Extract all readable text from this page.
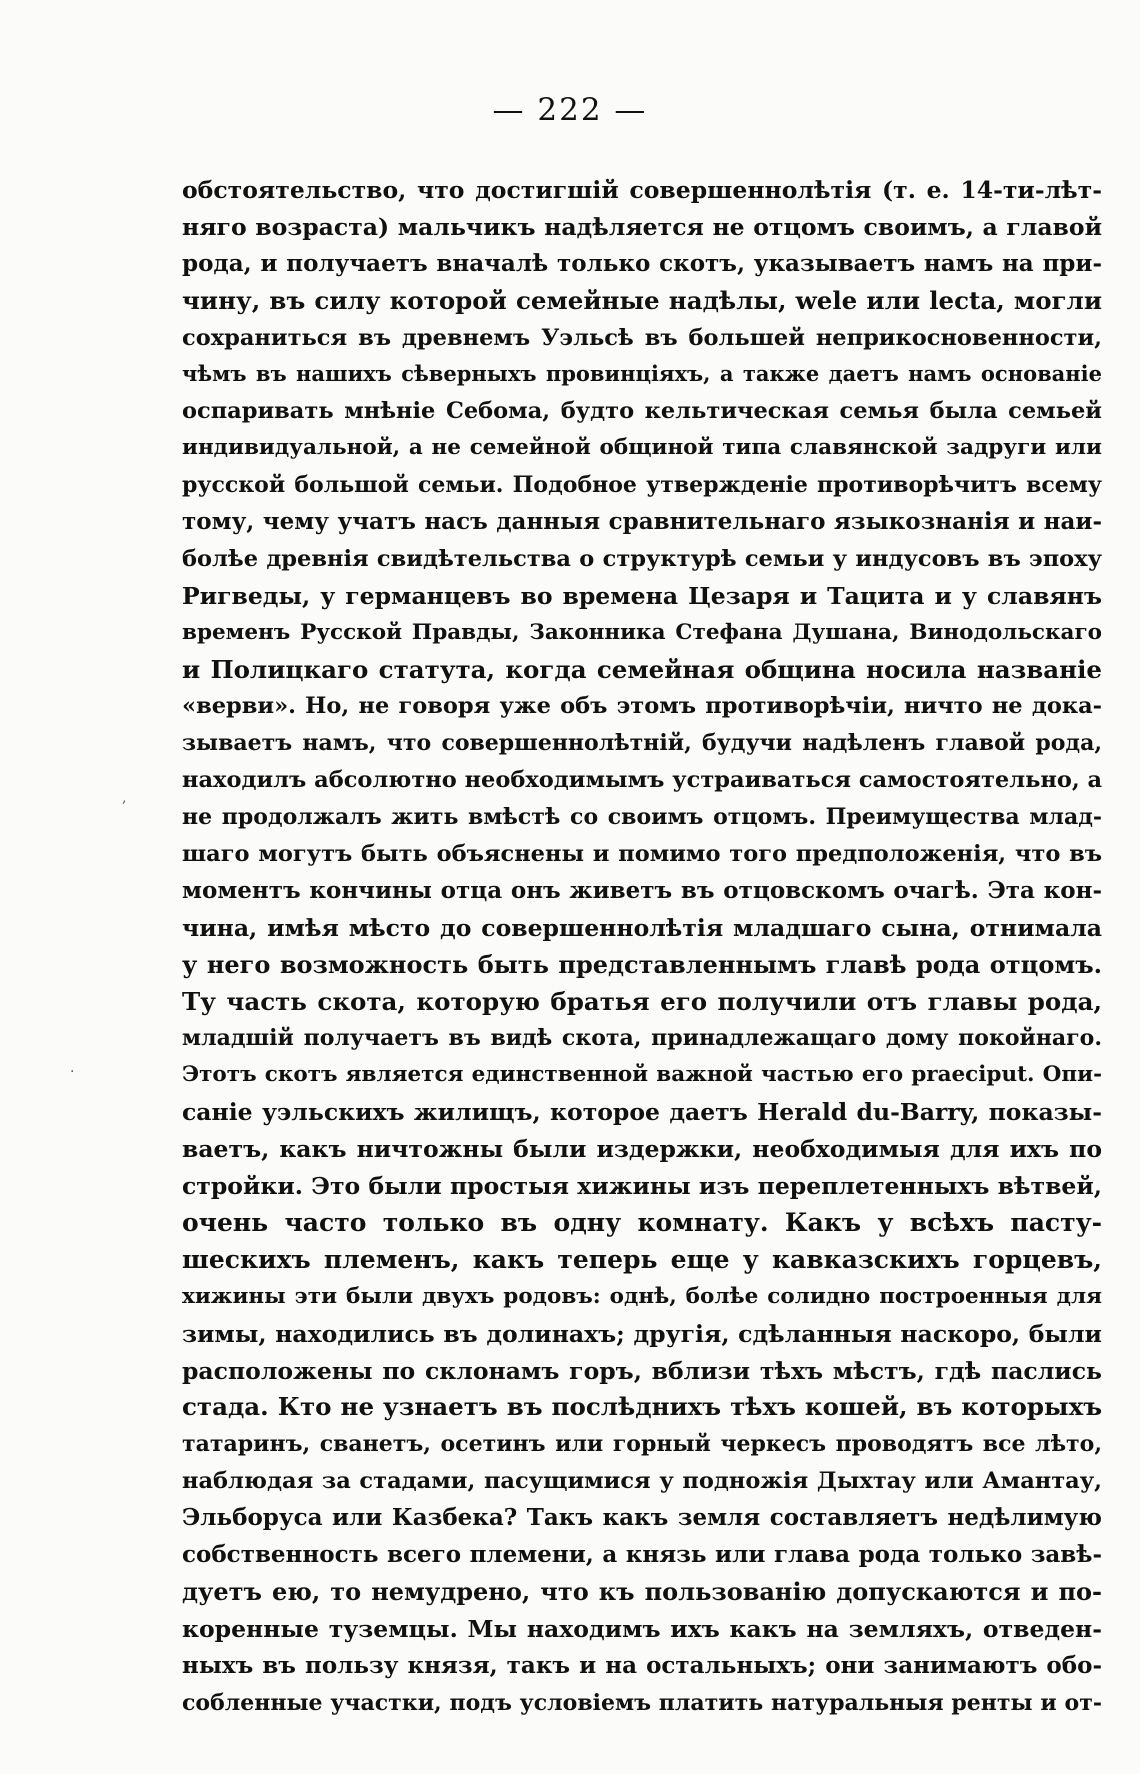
— 222 —
обстоятельство, что достигшій совершеннолѣтія (т. е. 14-ти-лѣт-
няго возраста) мальчикъ надѣляется не отцомъ своимъ, а главой
рода, и получаетъ вначалѣ только скотъ, указываетъ намъ на при-
чину, въ силу которой семейные надѣлы, wele или lecta, могли
сохраниться въ древнемъ Уэльсѣ въ большей неприкосновенности,
чѣмъ въ нашихъ сѣверныхъ провинціяхъ, а также даетъ намъ основаніе
оспаривать мнѣніе Себома, будто кельтическая семья была семьей
индивидуальной, а не семейной общиной типа славянской задруги или
русской большой семьи. Подобное утвержденіе противорѣчитъ всему
тому, чему учатъ насъ данныя сравнительнаго языкознанія и наи-
болѣе древнія свидѣтельства о структурѣ семьи у индусовъ въ эпоху
Ригведы, у германцевъ во времена Цезаря и Тацита и у славянъ
временъ Русской Правды, Законника Стефана Душана, Винодольскаго
и Полицкаго статута, когда семейная община носила названіе
«верви». Но, не говоря уже объ этомъ противорѣчіи, ничто не дока-
зываетъ намъ, что совершеннолѣтній, будучи надѣленъ главой рода,
находилъ абсолютно необходимымъ устраиваться самостоятельно, а
не продолжалъ жить вмѣстѣ со своимъ отцомъ. Преимущества млад-
шаго могутъ быть объяснены и помимо того предположенія, что въ
моментъ кончины отца онъ живетъ въ отцовскомъ очагѣ. Эта кон-
чина, имѣя мѣсто до совершеннолѣтія младшаго сына, отнимала
у него возможность быть представленнымъ главѣ рода отцомъ.
Ту часть скота, которую братья его получили отъ главы рода,
младшій получаетъ въ видѣ скота, принадлежащаго дому покойнаго.
Этотъ скотъ является единственной важной частью его praeciput. Опи-
саніе уэльскихъ жилищъ, которое даетъ Herald du-Barry, показы-
ваетъ, какъ ничтожны были издержки, необходимыя для ихъ по
стройки. Это были простыя хижины изъ переплетенныхъ вѣтвей,
очень часто только въ одну комнату. Какъ у всѣхъ пасту-
шескихъ племенъ, какъ теперь еще у кавказскихъ горцевъ,
хижины эти были двухъ родовъ: однѣ, болѣе солидно построенныя для
зимы, находились въ долинахъ; другія, сдѣланныя наскоро, были
расположены по склонамъ горъ, вблизи тѣхъ мѣстъ, гдѣ паслись
стада. Кто не узнаетъ въ послѣднихъ тѣхъ кошей, въ которыхъ
татаринъ, сванетъ, осетинъ или горный черкесъ проводятъ все лѣто,
наблюдая за стадами, пасущимися у подножія Дыхтау или Амантау,
Эльборуса или Казбека? Такъ какъ земля составляетъ недѣлимую
собственность всего племени, а князь или глава рода только завѣ-
дуетъ ею, то немудрено, что къ пользованію допускаются и по-
коренные туземцы. Мы находимъ ихъ какъ на земляхъ, отведен-
ныхъ въ пользу князя, такъ и на остальныхъ; они занимаютъ обо-
собленные участки, подъ условіемъ платить натуральныя ренты и от-
,
.
